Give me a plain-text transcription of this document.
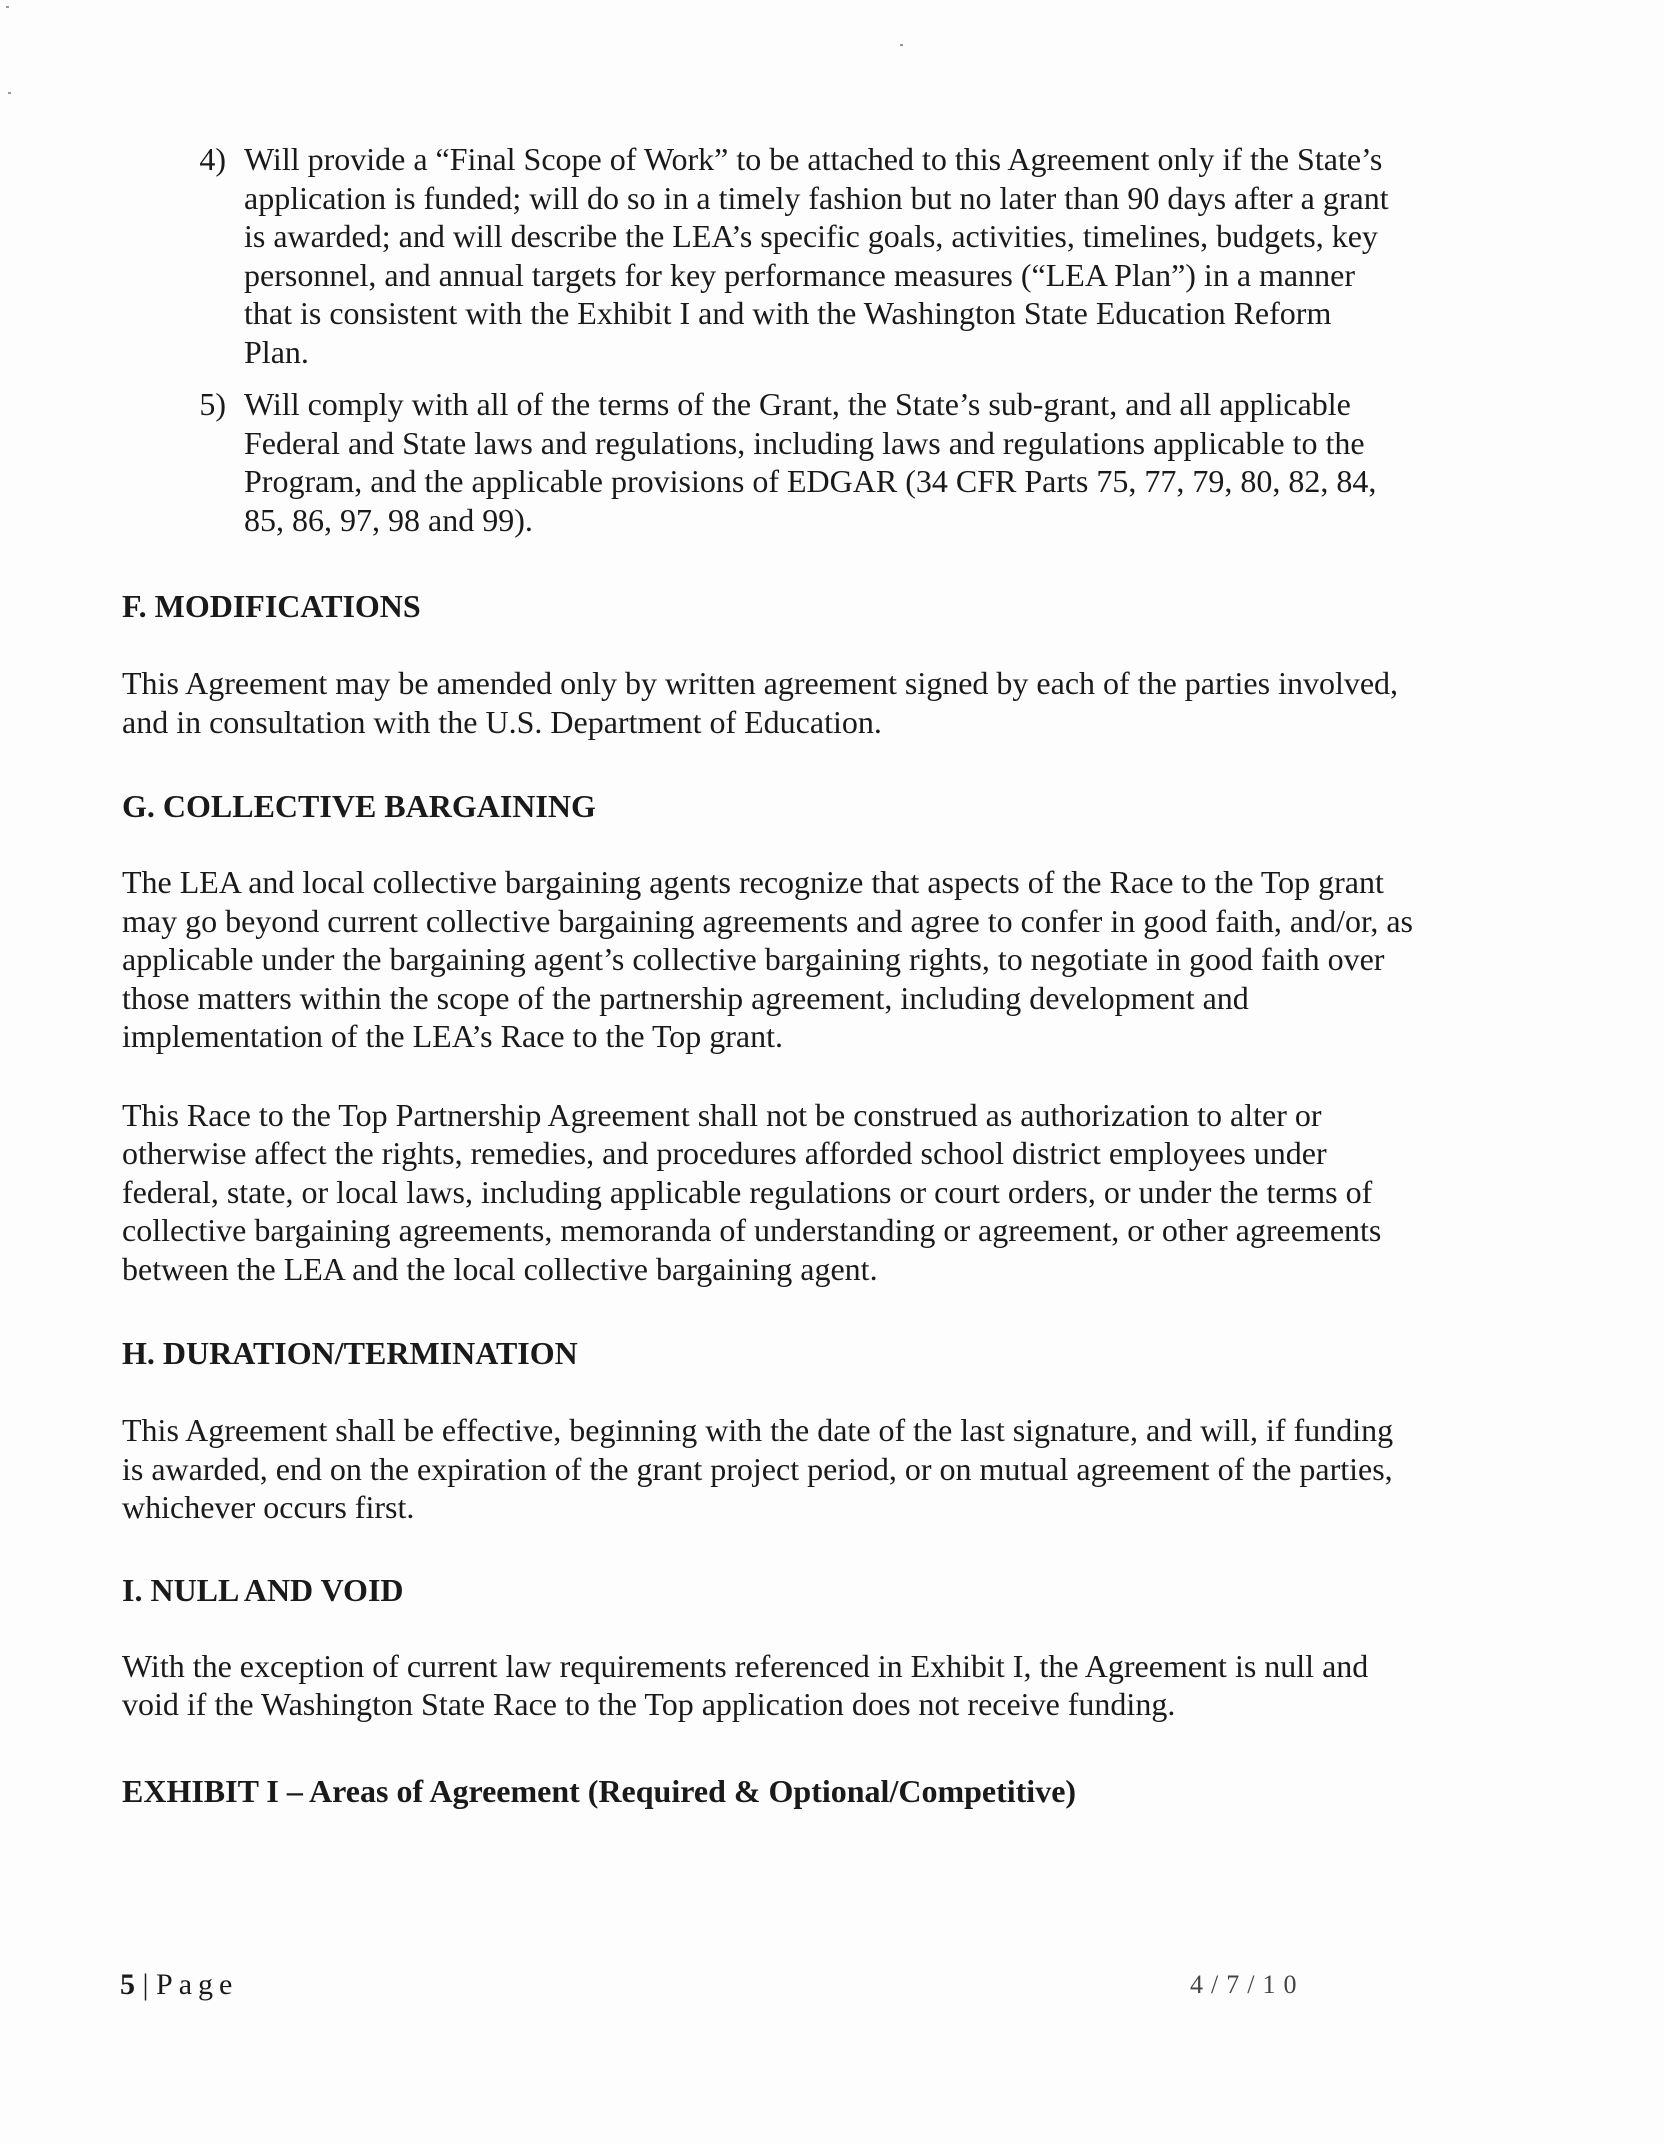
4) Will provide a “Final Scope of Work” to be attached to this Agreement only if the State’s application is funded; will do so in a timely fashion but no later than 90 days after a grant is awarded; and will describe the LEA’s specific goals, activities, timelines, budgets, key personnel, and annual targets for key performance measures (“LEA Plan”) in a manner that is consistent with the Exhibit I and with the Washington State Education Reform Plan.
5) Will comply with all of the terms of the Grant, the State’s sub-grant, and all applicable Federal and State laws and regulations, including laws and regulations applicable to the Program, and the applicable provisions of EDGAR (34 CFR Parts 75, 77, 79, 80, 82, 84, 85, 86, 97, 98 and 99).
F. MODIFICATIONS

This Agreement may be amended only by written agreement signed by each of the parties involved, and in consultation with the U.S. Department of Education.

G. COLLECTIVE BARGAINING

The LEA and local collective bargaining agents recognize that aspects of the Race to the Top grant may go beyond current collective bargaining agreements and agree to confer in good faith, and/or, as applicable under the bargaining agent’s collective bargaining rights, to negotiate in good faith over those matters within the scope of the partnership agreement, including development and implementation of the LEA’s Race to the Top grant.

This Race to the Top Partnership Agreement shall not be construed as authorization to alter or otherwise affect the rights, remedies, and procedures afforded school district employees under federal, state, or local laws, including applicable regulations or court orders, or under the terms of collective bargaining agreements, memoranda of understanding or agreement, or other agreements between the LEA and the local collective bargaining agent.

H. DURATION/TERMINATION

This Agreement shall be effective, beginning with the date of the last signature, and will, if funding is awarded, end on the expiration of the grant project period, or on mutual agreement of the parties, whichever occurs first.

I. NULL AND VOID

With the exception of current law requirements referenced in Exhibit I, the Agreement is null and void if the Washington State Race to the Top application does not receive funding.

EXHIBIT I – Areas of Agreement (Required & Optional/Competitive)
5 | Page	4/7/10
